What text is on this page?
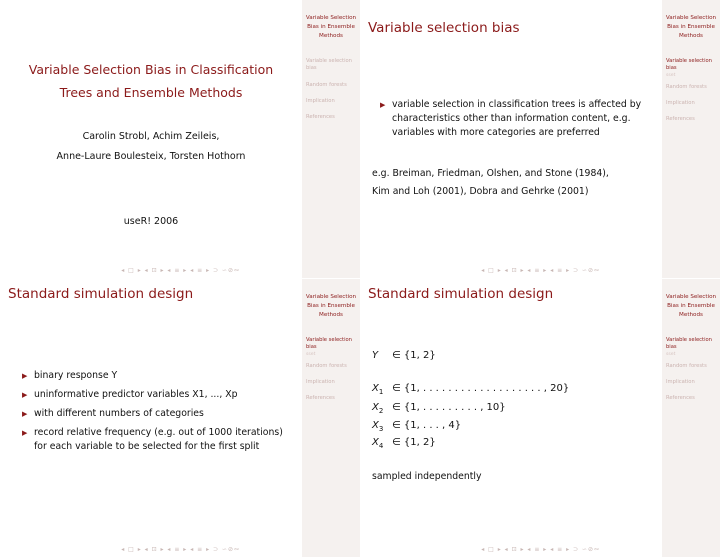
Variable Selection Bias in Classification
Trees and Ensemble Methods
Carolin Strobl, Achim Zeileis,
Anne-Laure Boulesteix, Torsten Hothorn
useR! 2006
◂ □ ▸ ◂ ⊡ ▸ ◂ ≡ ▸ ◂ ≡ ▸ ⊃ ∽⊘∾
Variable Selection
Bias in Ensemble
Methods
Variable selection bias
Random forests
Implication
References
Variable selection bias
▶ variable selection in classification trees is affected by characteristics other than information content, e.g. variables with more categories are preferred
e.g. Breiman, Friedman, Olshen, and Stone (1984),
Kim and Loh (2001), Dobra and Gehrke (2001)
◂ □ ▸ ◂ ⊡ ▸ ◂ ≡ ▸ ◂ ≡ ▸ ⊃ ∽⊘∾
Variable Selection
Bias in Ensemble
Methods
Variable selection bias
sset
Random forests
Implication
References
Standard simulation design
▶ binary response Y
▶ uninformative predictor variables X1, ..., Xp
▶ with different numbers of categories
▶ record relative frequency (e.g. out of 1000 iterations) for each variable to be selected for the first split
◂ □ ▸ ◂ ⊡ ▸ ◂ ≡ ▸ ◂ ≡ ▸ ⊃ ∽⊘∾
Variable Selection
Bias in Ensemble
Methods
Variable selection bias
sset
Random forests
Implication
References
Standard simulation design
Y ∈ {1, 2}
$X_1$ ∈ {1, . . . . . . . . . . . . . . . . . . . , 20}
$X_2$ ∈ {1, . . . . . . . . . , 10}
$X_3$ ∈ {1, . . . , 4}
$X_4$ ∈ {1, 2}
sampled independently
◂ □ ▸ ◂ ⊡ ▸ ◂ ≡ ▸ ◂ ≡ ▸ ⊃ ∽⊘∾
Variable Selection
Bias in Ensemble
Methods
Variable selection bias
sset
Random forests
Implication
References
